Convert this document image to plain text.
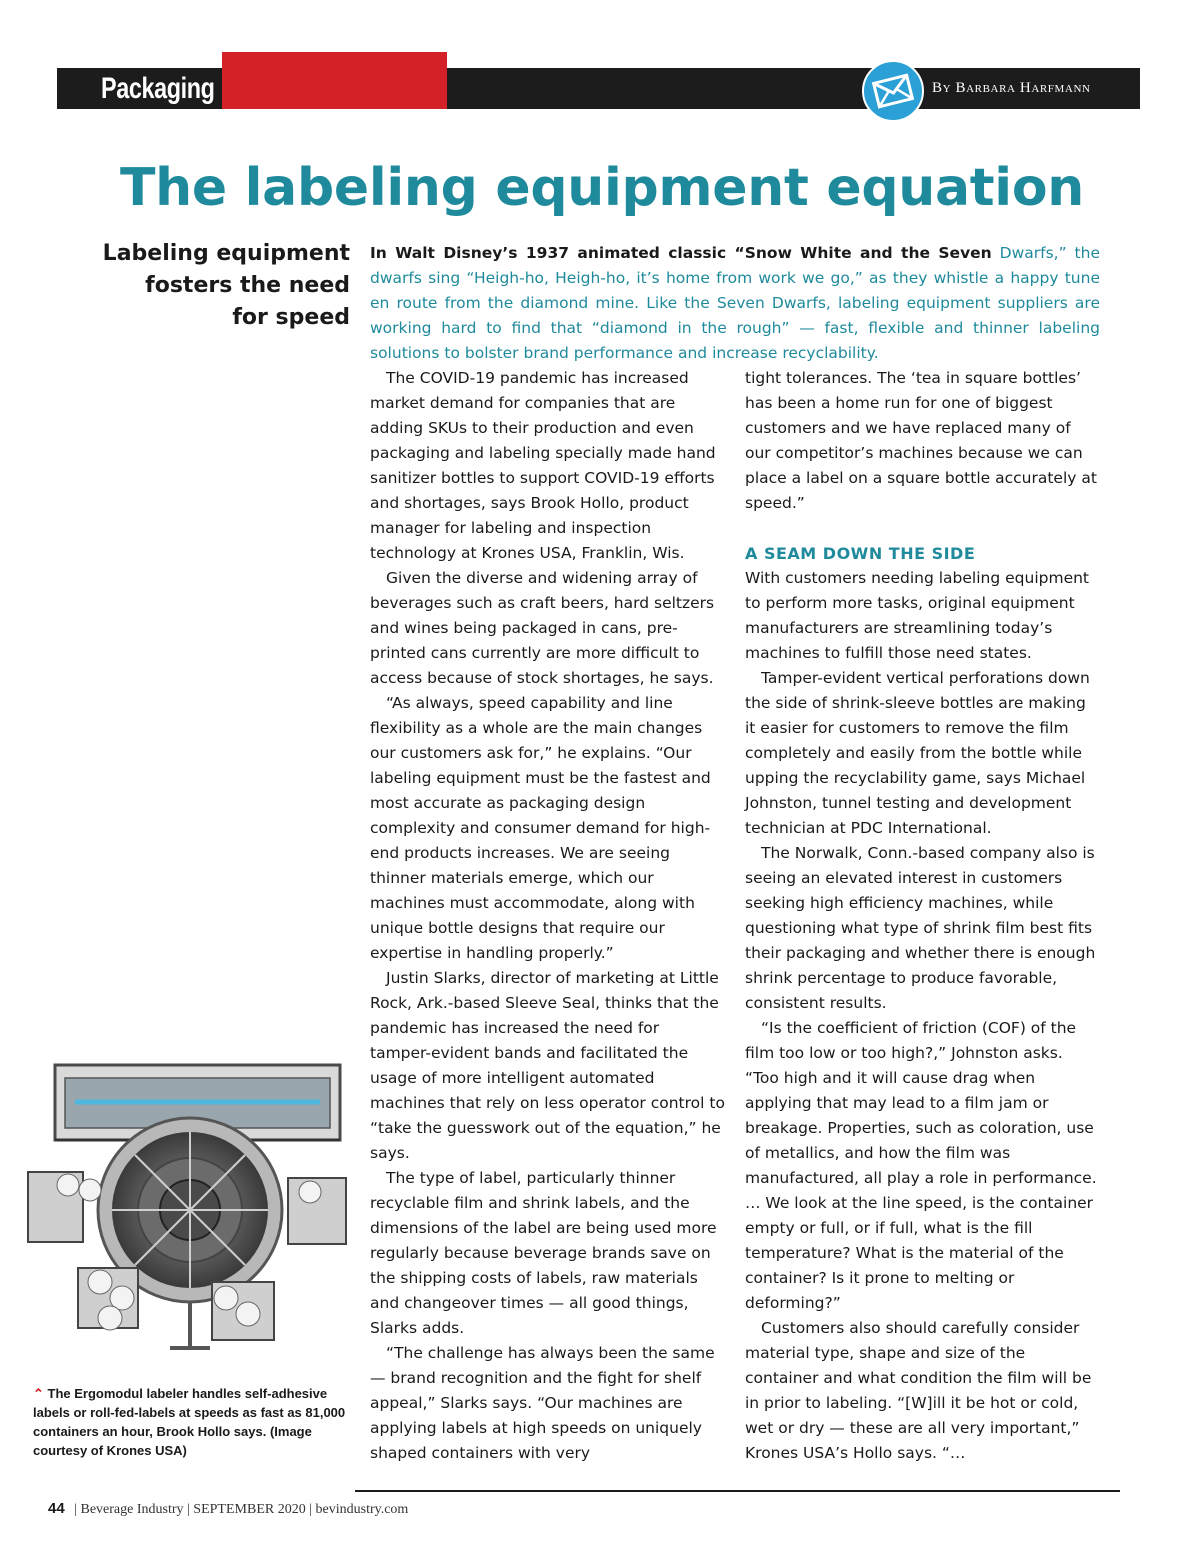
Packaging	By Barbara Harfmann
The labeling equipment equation
Labeling equipment
fosters the need
for speed
In Walt Disney’s 1937 animated classic “Snow White and the Seven Dwarfs,” the dwarfs sing “Heigh-ho, Heigh-ho, it’s home from work we go,” as they whistle a happy tune en route from the diamond mine. Like the Seven Dwarfs, labeling equipment suppliers are working hard to find that “diamond in the rough” — fast, flexible and thinner labeling solutions to bolster brand performance and increase recyclability.

The COVID-19 pandemic has increased market demand for companies that are adding SKUs to their production and even packaging and labeling specially made hand sanitizer bottles to support COVID-19 efforts and shortages, says Brook Hollo, product manager for labeling and inspection technology at Krones USA, Franklin, Wis.

Given the diverse and widening array of beverages such as craft beers, hard seltzers and wines being packaged in cans, pre-printed cans currently are more difficult to access because of stock shortages, he says.

“As always, speed capability and line flexibility as a whole are the main changes our customers ask for,” he explains. “Our labeling equipment must be the fastest and most accurate as packaging design complexity and consumer demand for high-end products increases. We are seeing thinner materials emerge, which our machines must accommodate, along with unique bottle designs that require our expertise in handling properly.”

Justin Slarks, director of marketing at Little Rock, Ark.-based Sleeve Seal, thinks that the pandemic has increased the need for tamper-evident bands and facilitated the usage of more intelligent automated machines that rely on less operator control to “take the guesswork out of the equation,” he says.

The type of label, particularly thinner recyclable film and shrink labels, and the dimensions of the label are being used more regularly because beverage brands save on the shipping costs of labels, raw materials and changeover times — all good things, Slarks adds.

“The challenge has always been the same — brand recognition and the fight for shelf appeal,” Slarks says. “Our machines are applying labels at high speeds on uniquely shaped containers with very

tight tolerances. The ‘tea in square bottles’ has been a home run for one of biggest customers and we have replaced many of our competitor’s machines because we can place a label on a square bottle accurately at speed.”

A SEAM DOWN THE SIDE

With customers needing labeling equipment to perform more tasks, original equipment manufacturers are streamlining today’s machines to fulfill those need states.

Tamper-evident vertical perforations down the side of shrink-sleeve bottles are making it easier for customers to remove the film completely and easily from the bottle while upping the recyclability game, says Michael Johnston, tunnel testing and development technician at PDC International.

The Norwalk, Conn.-based company also is seeing an elevated interest in customers seeking high efficiency machines, while questioning what type of shrink film best fits their packaging and whether there is enough shrink percentage to produce favorable, consistent results.

“Is the coefficient of friction (COF) of the film too low or too high?,” Johnston asks. “Too high and it will cause drag when applying that may lead to a film jam or breakage. Properties, such as coloration, use of metallics, and how the film was manufactured, all play a role in performance. … We look at the line speed, is the container empty or full, or if full, what is the fill temperature? What is the material of the container? Is it prone to melting or deforming?”

Customers also should carefully consider material type, shape and size of the container and what condition the film will be in prior to labeling. “[W]ill it be hot or cold, wet or dry — these are all very important,” Krones USA’s Hollo says. “…

⌃ The Ergomodul labeler handles self-adhesive labels or roll-fed-labels at speeds as fast as 81,000 containers an hour, Brook Hollo says. (Image courtesy of Krones USA)
44 | Beverage Industry | SEPTEMBER 2020 | bevindustry.com
